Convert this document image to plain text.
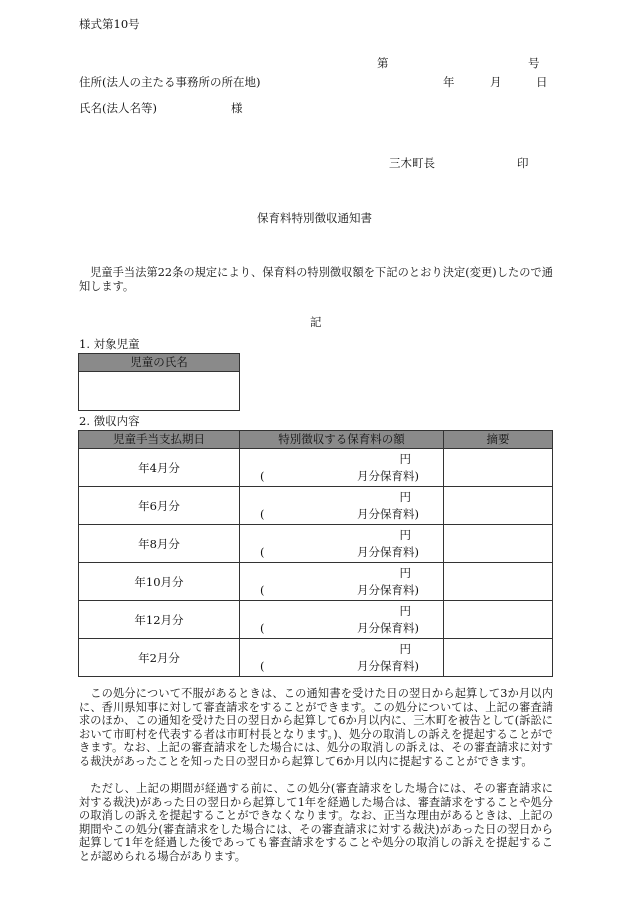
様式第10号
第	号
住所(法人の主たる事務所の所在地)	年	月	日
氏名(法人名等)	様
三木町長	印
保育料特別徴収通知書

児童手当法第22条の規定により、保育料の特別徴収額を下記のとおり決定(変更)したので通知します。

記
1. 対象児童
児童の氏名

2. 徴収内容
児童手当支払期日	特別徴収する保育料の額	摘要
年4月分	円
( 月分保育料)	

年6月分	円
( 月分保育料)	

年8月分	円
( 月分保育料)	

年10月分	円
( 月分保育料)	

年12月分	円
( 月分保育料)	

年2月分	円
( 月分保育料)	

この処分について不服があるときは、この通知書を受けた日の翌日から起算して3か月以内に、香川県知事に対して審査請求をすることができます。この処分については、上記の審査請求のほか、この通知を受けた日の翌日から起算して6か月以内に、三木町を被告として(訴訟において市町村を代表する者は市町村長となります。)、処分の取消しの訴えを提起することができます。なお、上記の審査請求をした場合には、処分の取消しの訴えは、その審査請求に対する裁決があったことを知った日の翌日から起算して6か月以内に提起することができます。

ただし、上記の期間が経過する前に、この処分(審査請求をした場合には、その審査請求に対する裁決)があった日の翌日から起算して1年を経過した場合は、審査請求をすることや処分の取消しの訴えを提起することができなくなります。なお、正当な理由があるときは、上記の期間やこの処分(審査請求をした場合には、その審査請求に対する裁決)があった日の翌日から起算して1年を経過した後であっても審査請求をすることや処分の取消しの訴えを提起することが認められる場合があります。
